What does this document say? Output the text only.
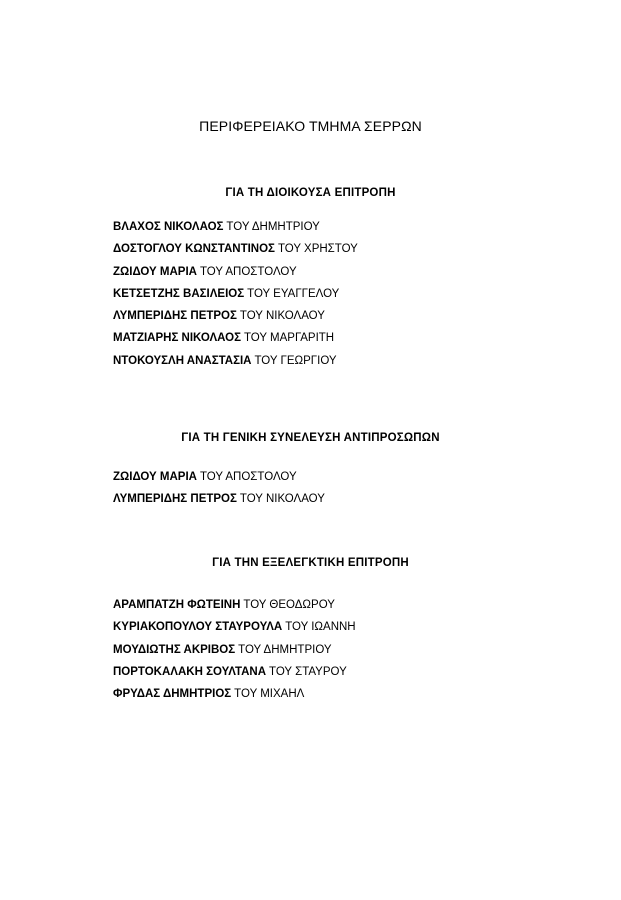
ΠΕΡΙΦΕΡΕΙΑΚΟ ΤΜΗΜΑ ΣΕΡΡΩΝ
ΓΙΑ ΤΗ ΔΙΟΙΚΟΥΣΑ ΕΠΙΤΡΟΠΗ
ΒΛΑΧΟΣ ΝΙΚΟΛΑΟΣ ΤΟΥ ΔΗΜΗΤΡΙΟΥ
ΔΟΣΤΟΓΛΟΥ ΚΩΝΣΤΑΝΤΙΝΟΣ ΤΟΥ ΧΡΗΣΤΟΥ
ΖΩΙΔΟΥ ΜΑΡΙΑ ΤΟΥ ΑΠΟΣΤΟΛΟΥ
ΚΕΤΣΕΤΖΗΣ ΒΑΣΙΛΕΙΟΣ ΤΟΥ ΕΥΑΓΓΕΛΟΥ
ΛΥΜΠΕΡΙΔΗΣ ΠΕΤΡΟΣ ΤΟΥ ΝΙΚΟΛΑΟΥ
ΜΑΤΖΙΑΡΗΣ ΝΙΚΟΛΑΟΣ ΤΟΥ ΜΑΡΓΑΡΙΤΗ
ΝΤΟΚΟΥΣΛΗ ΑΝΑΣΤΑΣΙΑ ΤΟΥ ΓΕΩΡΓΙΟΥ
ΓΙΑ ΤΗ ΓΕΝΙΚΗ ΣΥΝΕΛΕΥΣΗ ΑΝΤΙΠΡΟΣΩΠΩΝ
ΖΩΙΔΟΥ ΜΑΡΙΑ ΤΟΥ ΑΠΟΣΤΟΛΟΥ
ΛΥΜΠΕΡΙΔΗΣ ΠΕΤΡΟΣ ΤΟΥ ΝΙΚΟΛΑΟΥ
ΓΙΑ ΤΗΝ ΕΞΕΛΕΓΚΤΙΚΗ ΕΠΙΤΡΟΠΗ
ΑΡΑΜΠΑΤΖΗ ΦΩΤΕΙΝΗ ΤΟΥ ΘΕΟΔΩΡΟΥ
ΚΥΡΙΑΚΟΠΟΥΛΟΥ ΣΤΑΥΡΟΥΛΑ ΤΟΥ ΙΩΑΝΝΗ
ΜΟΥΔΙΩΤΗΣ ΑΚΡΙΒΟΣ ΤΟΥ ΔΗΜΗΤΡΙΟΥ
ΠΟΡΤΟΚΑΛΑΚΗ ΣΟΥΛΤΑΝΑ ΤΟΥ ΣΤΑΥΡΟΥ
ΦΡΥΔΑΣ ΔΗΜΗΤΡΙΟΣ ΤΟΥ ΜΙΧΑΗΛ
